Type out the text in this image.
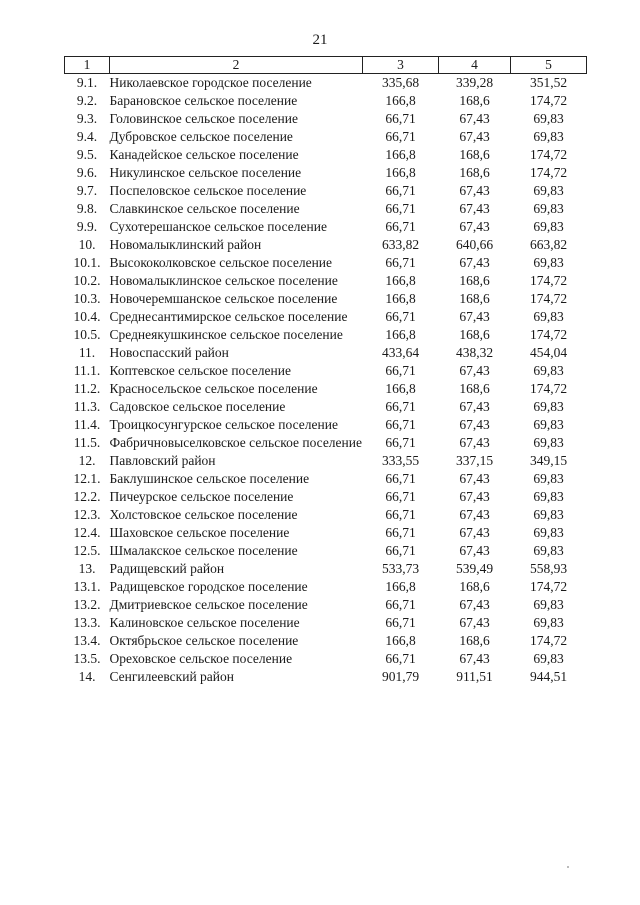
21
1	2	3	4	5
9.1.	Николаевское городское поселение	335,68	339,28	351,52
9.2.	Барановское сельское поселение	166,8	168,6	174,72
9.3.	Головинское сельское поселение	66,71	67,43	69,83
9.4.	Дубровское сельское поселение	66,71	67,43	69,83
9.5.	Канадейское сельское поселение	166,8	168,6	174,72
9.6.	Никулинское сельское поселение	166,8	168,6	174,72
9.7.	Поспеловское сельское поселение	66,71	67,43	69,83
9.8.	Славкинское сельское поселение	66,71	67,43	69,83
9.9.	Сухотерешанское сельское поселение	66,71	67,43	69,83
10.	Новомалыклинский район	633,82	640,66	663,82
10.1.	Высококолковское сельское поселение	66,71	67,43	69,83
10.2.	Новомалыклинское сельское поселение	166,8	168,6	174,72
10.3.	Новочеремшанское сельское поселение	166,8	168,6	174,72
10.4.	Среднесантимирское сельское поселение	66,71	67,43	69,83
10.5.	Среднеякушкинское сельское поселение	166,8	168,6	174,72
11.	Новоспасский район	433,64	438,32	454,04
11.1.	Коптевское сельское поселение	66,71	67,43	69,83
11.2.	Красносельское сельское поселение	166,8	168,6	174,72
11.3.	Садовское сельское поселение	66,71	67,43	69,83
11.4.	Троицкосунгурское сельское поселение	66,71	67,43	69,83
11.5.	Фабричновыселковское сельское поселение	66,71	67,43	69,83
12.	Павловский район	333,55	337,15	349,15
12.1.	Баклушинское сельское поселение	66,71	67,43	69,83
12.2.	Пичеурское сельское поселение	66,71	67,43	69,83
12.3.	Холстовское сельское поселение	66,71	67,43	69,83
12.4.	Шаховское сельское поселение	66,71	67,43	69,83
12.5.	Шмалакское сельское поселение	66,71	67,43	69,83
13.	Радищевский район	533,73	539,49	558,93
13.1.	Радищевское городское поселение	166,8	168,6	174,72
13.2.	Дмитриевское сельское поселение	66,71	67,43	69,83
13.3.	Калиновское сельское поселение	66,71	67,43	69,83
13.4.	Октябрьское сельское поселение	166,8	168,6	174,72
13.5.	Ореховское сельское поселение	66,71	67,43	69,83
14.	Сенгилеевский район	901,79	911,51	944,51
